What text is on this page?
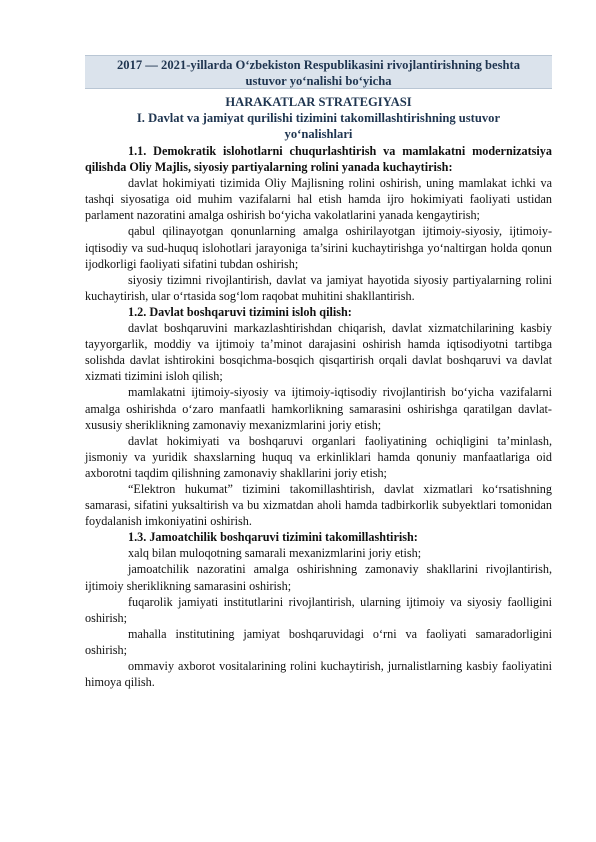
2017 — 2021-yillarda O‘zbekiston Respublikasini rivojlantirishning beshta
ustuvor yo‘nalishi bo‘yicha
HARAKATLAR STRATEGIYASI
I. Davlat va jamiyat qurilishi tizimini takomillashtirishning ustuvor
yo‘nalishlari

1.1. Demokratik islohotlarni chuqurlashtirish va mamlakatni modernizatsiya qilishda Oliy Majlis, siyosiy partiyalarning rolini yanada kuchaytirish:

davlat hokimiyati tizimida Oliy Majlisning rolini oshirish, uning mamlakat ichki va tashqi siyosatiga oid muhim vazifalarni hal etish hamda ijro hokimiyati faoliyati ustidan parlament nazoratini amalga oshirish bo‘yicha vakolatlarini yanada kengaytirish;

qabul qilinayotgan qonunlarning amalga oshirilayotgan ijtimoiy-siyosiy, ijtimoiy-iqtisodiy va sud-huquq islohotlari jarayoniga ta’sirini kuchaytirishga yo‘naltirgan holda qonun ijodkorligi faoliyati sifatini tubdan oshirish;

siyosiy tizimni rivojlantirish, davlat va jamiyat hayotida siyosiy partiyalarning rolini kuchaytirish, ular o‘rtasida sog‘lom raqobat muhitini shakllantirish.

1.2. Davlat boshqaruvi tizimini isloh qilish:

davlat boshqaruvini markazlashtirishdan chiqarish, davlat xizmatchilarining kasbiy tayyorgarlik, moddiy va ijtimoiy ta’minot darajasini oshirish hamda iqtisodiyotni tartibga solishda davlat ishtirokini bosqichma-bosqich qisqartirish orqali davlat boshqaruvi va davlat xizmati tizimini isloh qilish;

mamlakatni ijtimoiy-siyosiy va ijtimoiy-iqtisodiy rivojlantirish bo‘yicha vazifalarni amalga oshirishda o‘zaro manfaatli hamkorlikning samarasini oshirishga qaratilgan davlat-xususiy sheriklikning zamonaviy mexanizmlarini joriy etish;

davlat hokimiyati va boshqaruvi organlari faoliyatining ochiqligini ta’minlash, jismoniy va yuridik shaxslarning huquq va erkinliklari hamda qonuniy manfaatlariga oid axborotni taqdim qilishning zamonaviy shakllarini joriy etish;

“Elektron hukumat” tizimini takomillashtirish, davlat xizmatlari ko‘rsatishning samarasi, sifatini yuksaltirish va bu xizmatdan aholi hamda tadbirkorlik subyektlari tomonidan foydalanish imkoniyatini oshirish.

1.3. Jamoatchilik boshqaruvi tizimini takomillashtirish:

xalq bilan muloqotning samarali mexanizmlarini joriy etish;

jamoatchilik nazoratini amalga oshirishning zamonaviy shakllarini rivojlantirish, ijtimoiy sheriklikning samarasini oshirish;

fuqarolik jamiyati institutlarini rivojlantirish, ularning ijtimoiy va siyosiy faolligini oshirish;

mahalla institutining jamiyat boshqaruvidagi o‘rni va faoliyati samaradorligini oshirish;

ommaviy axborot vositalarining rolini kuchaytirish, jurnalistlarning kasbiy faoliyatini himoya qilish.
